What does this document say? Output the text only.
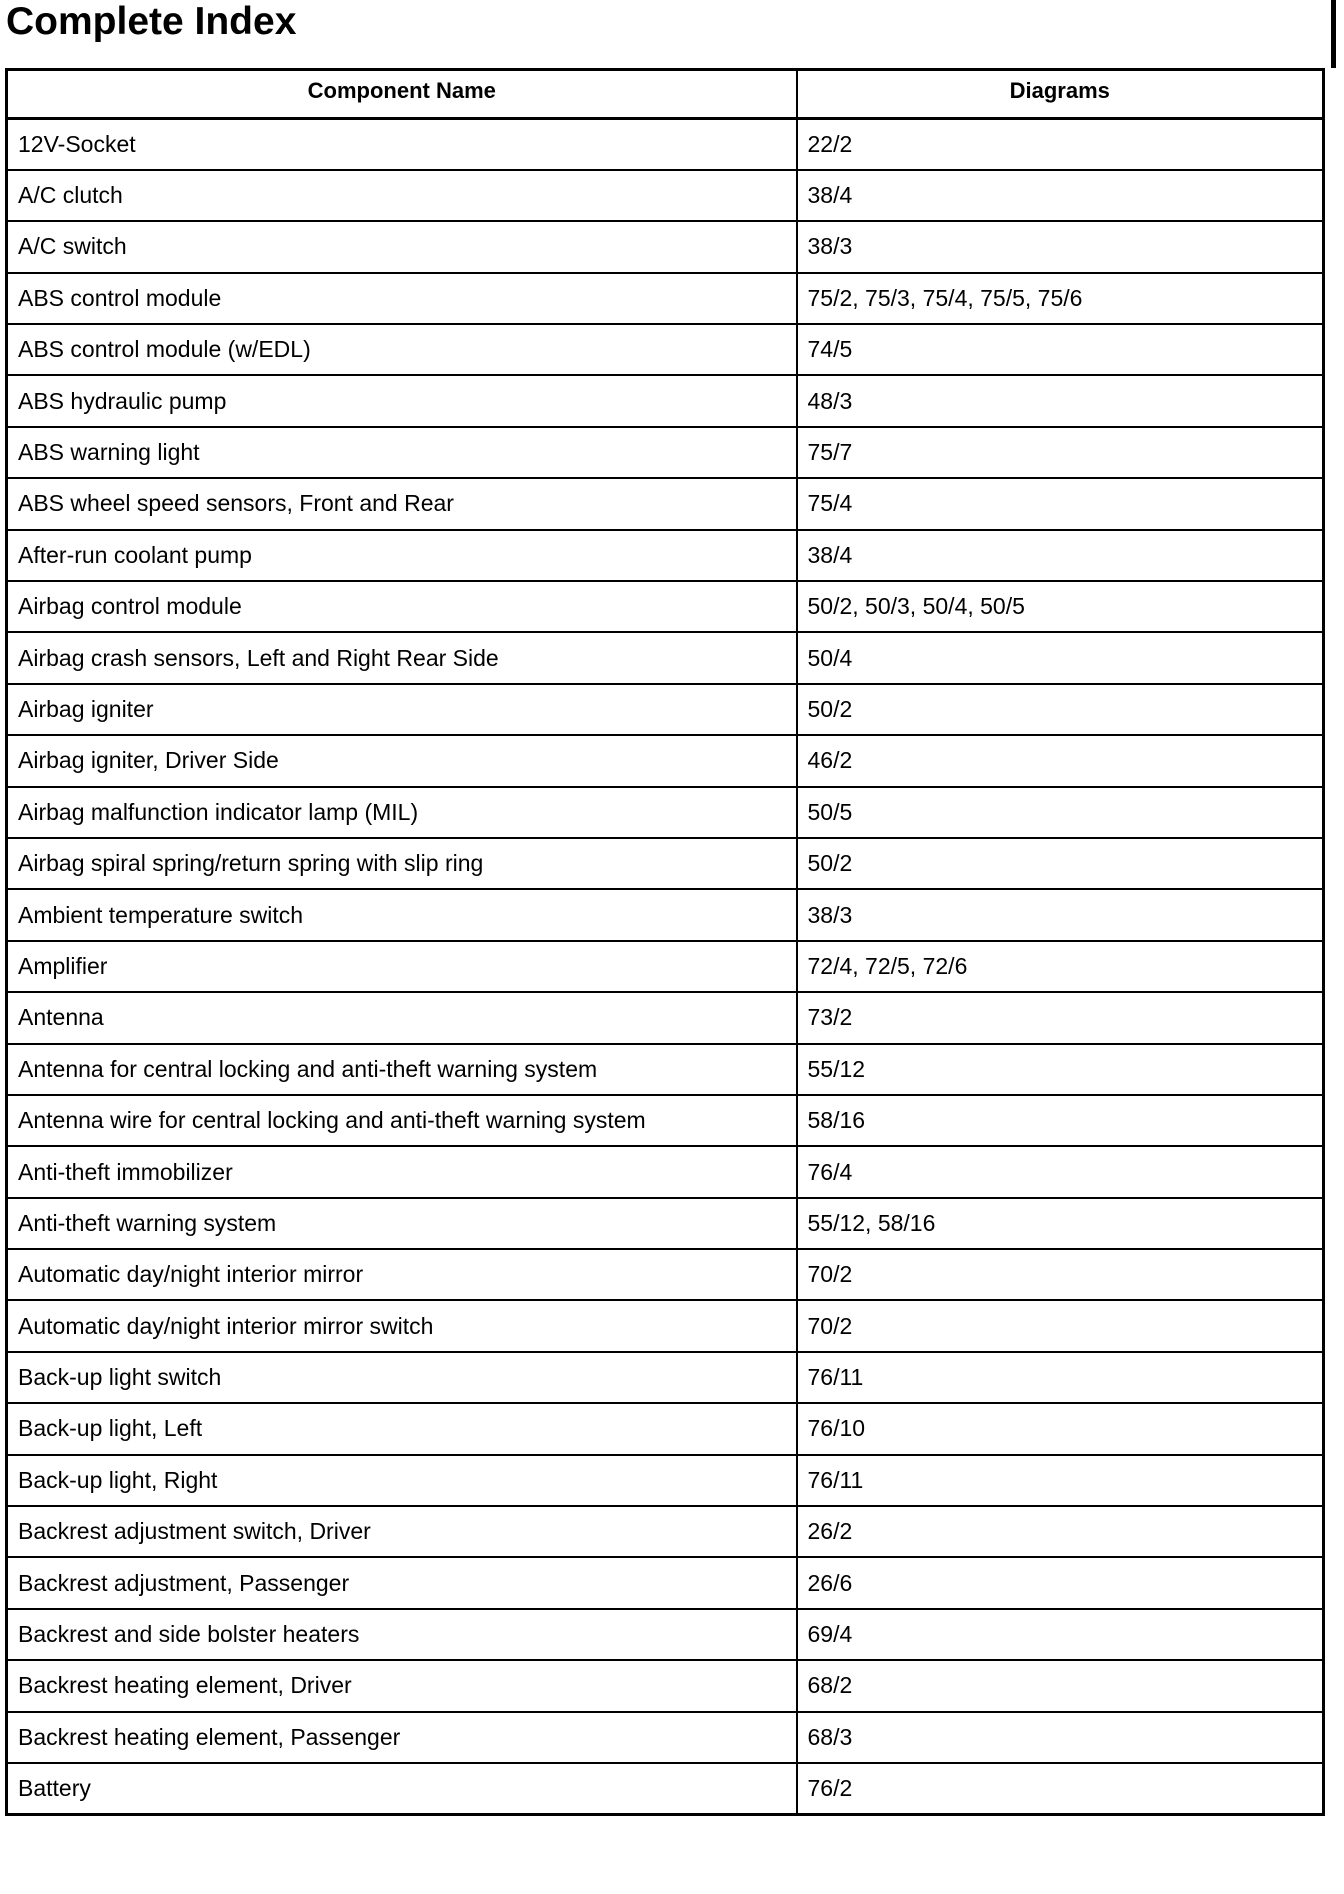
Complete Index
Component Name	Diagrams
12V-Socket	22/2
A/C clutch	38/4
A/C switch	38/3
ABS control module	75/2, 75/3, 75/4, 75/5, 75/6
ABS control module (w/EDL)	74/5
ABS hydraulic pump	48/3
ABS warning light	75/7
ABS wheel speed sensors, Front and Rear	75/4
After-run coolant pump	38/4
Airbag control module	50/2, 50/3, 50/4, 50/5
Airbag crash sensors, Left and Right Rear Side	50/4
Airbag igniter	50/2
Airbag igniter, Driver Side	46/2
Airbag malfunction indicator lamp (MIL)	50/5
Airbag spiral spring/return spring with slip ring	50/2
Ambient temperature switch	38/3
Amplifier	72/4, 72/5, 72/6
Antenna	73/2
Antenna for central locking and anti-theft warning system	55/12
Antenna wire for central locking and anti-theft warning system	58/16
Anti-theft immobilizer	76/4
Anti-theft warning system	55/12, 58/16
Automatic day/night interior mirror	70/2
Automatic day/night interior mirror switch	70/2
Back-up light switch	76/11
Back-up light, Left	76/10
Back-up light, Right	76/11
Backrest adjustment switch, Driver	26/2
Backrest adjustment, Passenger	26/6
Backrest and side bolster heaters	69/4
Backrest heating element, Driver	68/2
Backrest heating element, Passenger	68/3
Battery	76/2
